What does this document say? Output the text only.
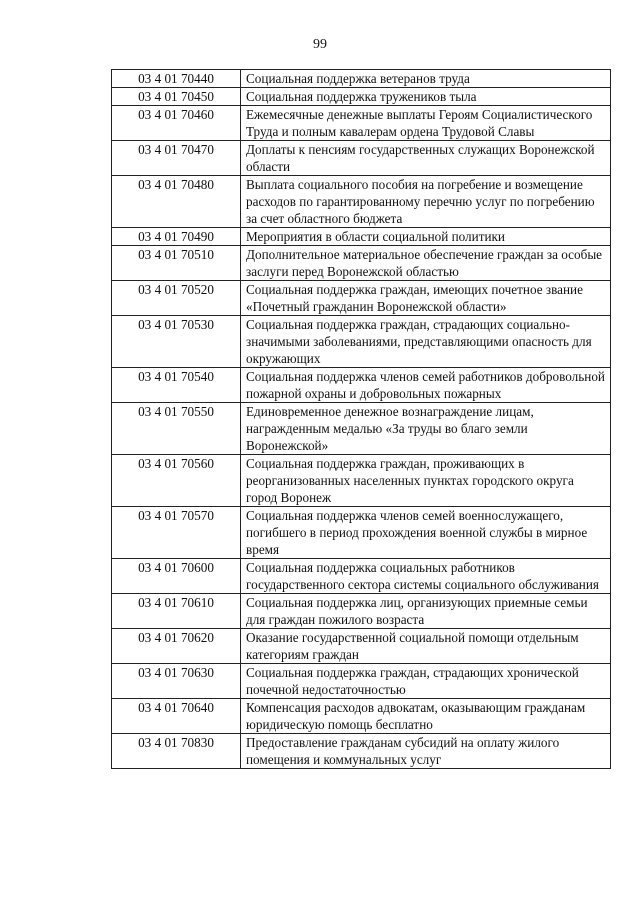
99
03 4 01 70440	Социальная поддержка ветеранов труда
03 4 01 70450	Социальная поддержка тружеников тыла
03 4 01 70460	Ежемесячные денежные выплаты Героям Социалистического Труда и полным кавалерам ордена Трудовой Славы
03 4 01 70470	Доплаты к пенсиям государственных служащих Воронежской области
03 4 01 70480	Выплата социального пособия на погребение и возмещение расходов по гарантированному перечню услуг по погребению за счет областного бюджета
03 4 01 70490	Мероприятия в области социальной политики
03 4 01 70510	Дополнительное материальное обеспечение граждан за особые заслуги перед Воронежской областью
03 4 01 70520	Социальная поддержка граждан, имеющих почетное звание «Почетный гражданин Воронежской области»
03 4 01 70530	Социальная поддержка граждан, страдающих социально-значимыми заболеваниями, представляющими опасность для окружающих
03 4 01 70540	Социальная поддержка членов семей работников добровольной пожарной охраны и добровольных пожарных
03 4 01 70550	Единовременное денежное вознаграждение лицам, награжденным медалью «За труды во благо земли Воронежской»
03 4 01 70560	Социальная поддержка граждан, проживающих в реорганизованных населенных пунктах городского округа город Воронеж
03 4 01 70570	Социальная поддержка членов семей военнослужащего, погибшего в период прохождения военной службы в мирное время
03 4 01 70600	Социальная поддержка социальных работников государственного сектора системы социального обслуживания
03 4 01 70610	Социальная поддержка лиц, организующих приемные семьи для граждан пожилого возраста
03 4 01 70620	Оказание государственной социальной помощи отдельным категориям граждан
03 4 01 70630	Социальная поддержка граждан, страдающих хронической почечной недостаточностью
03 4 01 70640	Компенсация расходов адвокатам, оказывающим гражданам юридическую помощь бесплатно
03 4 01 70830	Предоставление гражданам субсидий на оплату жилого помещения и коммунальных услуг
